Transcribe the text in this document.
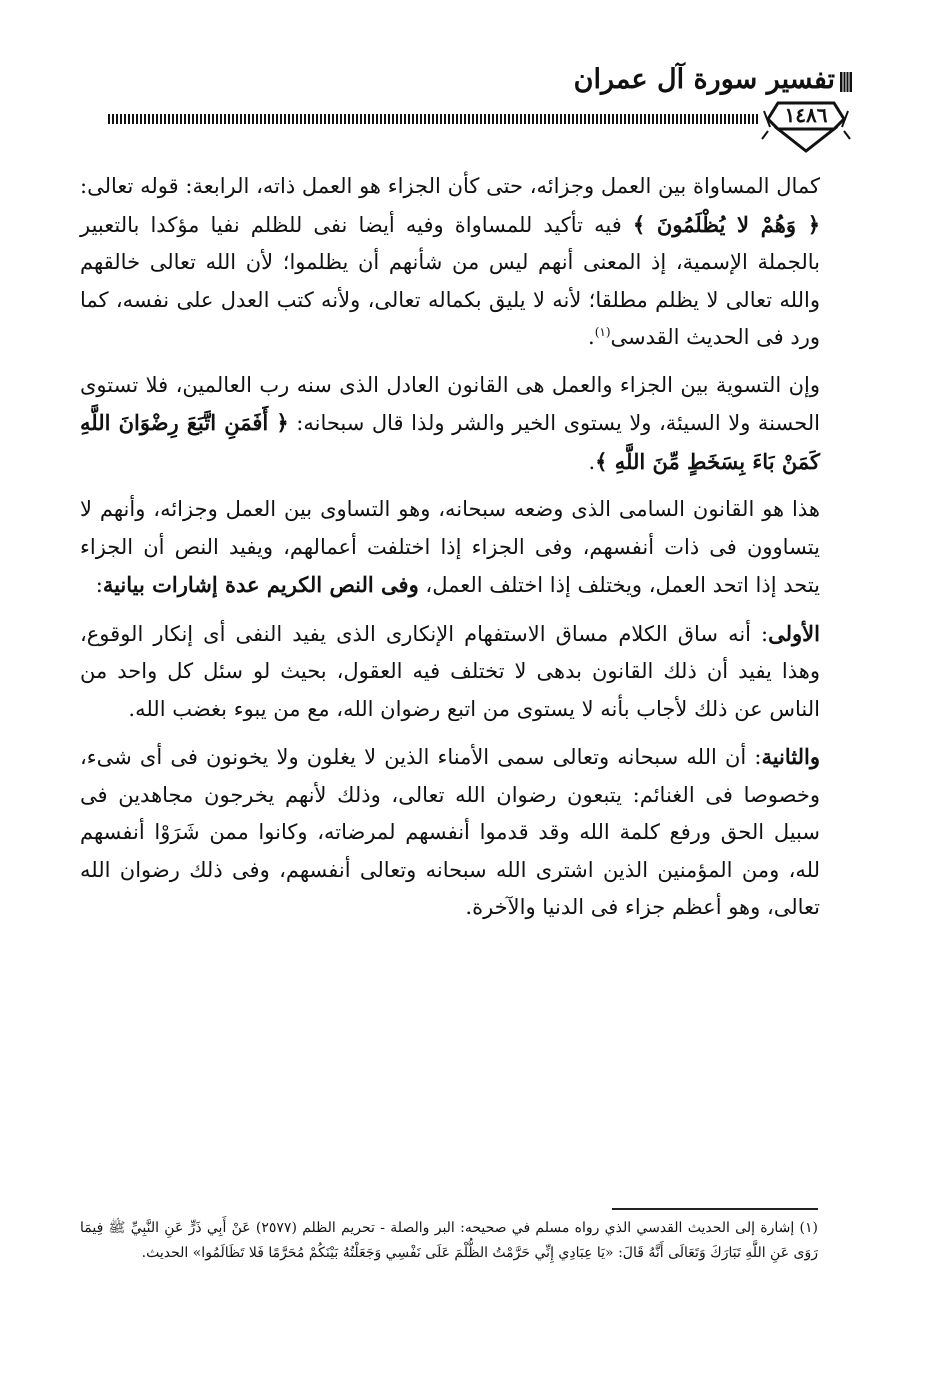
تفسير سورة آل عمران
١٤٨٦

كمال المساواة بين العمل وجزائه، حتى كأن الجزاء هو العمل ذاته، الرابعة: قوله تعالى: ﴿ وَهُمْ لا يُظْلَمُونَ ﴾ فيه تأكيد للمساواة وفيه أيضا نفى للظلم نفيا مؤكدا بالتعبير بالجملة الإسمية، إذ المعنى أنهم ليس من شأنهم أن يظلموا؛ لأن الله تعالى خالقهم والله تعالى لا يظلم مطلقا؛ لأنه لا يليق بكماله تعالى، ولأنه كتب العدل على نفسه، كما ورد فى الحديث القدسى$^{(١)}$.

وإن التسوية بين الجزاء والعمل هى القانون العادل الذى سنه رب العالمين، فلا تستوى الحسنة ولا السيئة، ولا يستوى الخير والشر ولذا قال سبحانه: ﴿ أَفَمَنِ اتَّبَعَ رِضْوَانَ اللَّهِ كَمَنْ بَاءَ بِسَخَطٍ مِّنَ اللَّهِ ﴾.

هذا هو القانون السامى الذى وضعه سبحانه، وهو التساوى بين العمل وجزائه، وأنهم لا يتساوون فى ذات أنفسهم، وفى الجزاء إذا اختلفت أعمالهم، ويفيد النص أن الجزاء يتحد إذا اتحد العمل، ويختلف إذا اختلف العمل، وفى النص الكريم عدة إشارات بيانية:

الأولى: أنه ساق الكلام مساق الاستفهام الإنكارى الذى يفيد النفى أى إنكار الوقوع، وهذا يفيد أن ذلك القانون بدهى لا تختلف فيه العقول، بحيث لو سئل كل واحد من الناس عن ذلك لأجاب بأنه لا يستوى من اتبع رضوان الله، مع من يبوء بغضب الله.

والثانية: أن الله سبحانه وتعالى سمى الأمناء الذين لا يغلون ولا يخونون فى أى شىء، وخصوصا فى الغنائم: يتبعون رضوان الله تعالى، وذلك لأنهم يخرجون مجاهدين فى سبيل الحق ورفع كلمة الله وقد قدموا أنفسهم لمرضاته، وكانوا ممن شَرَوْا أنفسهم لله، ومن المؤمنين الذين اشترى الله سبحانه وتعالى أنفسهم، وفى ذلك رضوان الله تعالى، وهو أعظم جزاء فى الدنيا والآخرة.

(١) إشارة إلى الحديث القدسي الذي رواه مسلم في صحيحه: البر والصلة - تحريم الظلم (٢٥٧٧) عَنْ أَبِي ذَرٍّ عَنِ النَّبِيِّ ﷺ فِيمَا رَوَى عَنِ اللَّهِ تَبَارَكَ وَتَعَالَى أَنَّهُ قَالَ: «يَا عِبَادِي إِنِّي حَرَّمْتُ الظُّلْمَ عَلَى نَفْسِي وَجَعَلْتُهُ بَيْنَكُمْ مُحَرَّمًا فَلا تَظَالَمُوا» الحديث.
